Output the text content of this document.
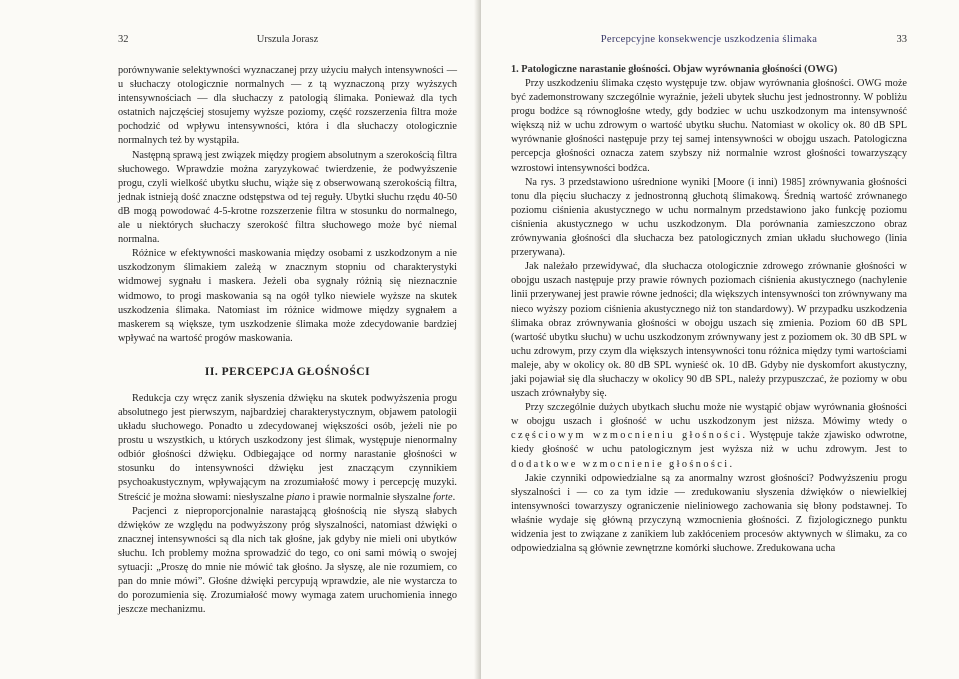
32	Urszula Jorasz

porównywanie selektywności wyznaczanej przy użyciu małych intensywności — u słuchaczy otologicznie normalnych — z tą wyznaczoną przy wyższych intensywnościach — dla słuchaczy z patologią ślimaka. Ponieważ dla tych ostatnich najczęściej stosujemy wyższe poziomy, część rozszerzenia filtra może pochodzić od wpływu intensywności, która i dla słuchaczy otologicznie normalnych też by wystąpiła.

Następną sprawą jest związek między progiem absolutnym a szerokością filtra słuchowego. Wprawdzie można zaryzykować twierdzenie, że podwyższenie progu, czyli wielkość ubytku słuchu, wiąże się z obserwowaną szerokością filtra, jednak istnieją dość znaczne odstępstwa od tej reguły. Ubytki słuchu rzędu 40-50 dB mogą powodować 4-5-krotne rozszerzenie filtra w stosunku do normalnego, ale u niektórych słuchaczy szerokość filtra słuchowego może być niemal normalna.

Różnice w efektywności maskowania między osobami z uszkodzonym a nie uszkodzonym ślimakiem zależą w znacznym stopniu od charakterystyki widmowej sygnału i maskera. Jeżeli oba sygnały różnią się nieznacznie widmowo, to progi maskowania są na ogół tylko niewiele wyższe na skutek uszkodzenia ślimaka. Natomiast im różnice widmowe między sygnałem a maskerem są większe, tym uszkodzenie ślimaka może zdecydowanie bardziej wpływać na wartość progów maskowania.

II. PERCEPCJA GŁOŚNOŚCI

Redukcja czy wręcz zanik słyszenia dźwięku na skutek podwyższenia progu absolutnego jest pierwszym, najbardziej charakterystycznym, objawem patologii układu słuchowego. Ponadto u zdecydowanej większości osób, jeżeli nie po prostu u wszystkich, u których uszkodzony jest ślimak, występuje nienormalny odbiór głośności dźwięku. Odbiegające od normy narastanie głośności w stosunku do intensywności dźwięku jest znaczącym czynnikiem psychoakustycznym, wpływającym na zrozumiałość mowy i percepcję muzyki. Streścić je można słowami: niesłyszalne piano i prawie normalnie słyszalne forte.

Pacjenci z nieproporcjonalnie narastającą głośnością nie słyszą słabych dźwięków ze względu na podwyższony próg słyszalności, natomiast dźwięki o znacznej intensywności są dla nich tak głośne, jak gdyby nie mieli oni ubytków słuchu. Ich problemy można sprowadzić do tego, co oni sami mówią o swojej sytuacji: „Proszę do mnie nie mówić tak głośno. Ja słyszę, ale nie rozumiem, co pan do mnie mówi”. Głośne dźwięki percypują wprawdzie, ale nie wystarcza to do porozumienia się. Zrozumiałość mowy wymaga zatem uruchomienia innego jeszcze mechanizmu.

Percepcyjne konsekwencje uszkodzenia ślimaka	33
1. Patologiczne narastanie głośności. Objaw wyrównania głośności (OWG)

Przy uszkodzeniu ślimaka często występuje tzw. objaw wyrównania głośności. OWG może być zademonstrowany szczególnie wyraźnie, jeżeli ubytek słuchu jest jednostronny. W pobliżu progu bodźce są równogłośne wtedy, gdy bodziec w uchu uszkodzonym ma intensywność większą niż w uchu zdrowym o wartość ubytku słuchu. Natomiast w okolicy ok. 80 dB SPL wyrównanie głośności następuje przy tej samej intensywności w obojgu uszach. Patologiczna percepcja głośności oznacza zatem szybszy niż normalnie wzrost głośności towarzyszący wzrostowi intensywności bodźca.

Na rys. 3 przedstawiono uśrednione wyniki [Moore (i inni) 1985] zrównywania głośności tonu dla pięciu słuchaczy z jednostronną głuchotą ślimakową. Średnią wartość zrównanego poziomu ciśnienia akustycznego w uchu normalnym przedstawiono jako funkcję poziomu ciśnienia akustycznego w uchu uszkodzonym. Dla porównania zamieszczono obraz zrównywania głośności dla słuchacza bez patologicznych zmian układu słuchowego (linia przerywana).

Jak należało przewidywać, dla słuchacza otologicznie zdrowego zrównanie głośności w obojgu uszach następuje przy prawie równych poziomach ciśnienia akustycznego (nachylenie linii przerywanej jest prawie równe jedności; dla większych intensywności ton zrównywany ma nieco wyższy poziom ciśnienia akustycznego niż ton standardowy). W przypadku uszkodzenia ślimaka obraz zrównywania głośności w obojgu uszach się zmienia. Poziom 60 dB SPL (wartość ubytku słuchu) w uchu uszkodzonym zrównywany jest z poziomem ok. 30 dB SPL w uchu zdrowym, przy czym dla większych intensywności tonu różnica między tymi wartościami maleje, aby w okolicy ok. 80 dB SPL wynieść ok. 10 dB. Gdyby nie dyskomfort akustyczny, jaki pojawiał się dla słuchaczy w okolicy 90 dB SPL, należy przypuszczać, że poziomy w obu uszach zrównałyby się.

Przy szczególnie dużych ubytkach słuchu może nie wystąpić objaw wyrównania głośności w obojgu uszach i głośność w uchu uszkodzonym jest niższa. Mówimy wtedy o częściowym wzmocnieniu głośności. Występuje także zjawisko odwrotne, kiedy głośność w uchu patologicznym jest wyższa niż w uchu zdrowym. Jest to dodatkowe wzmocnienie głośności.

Jakie czynniki odpowiedzialne są za anormalny wzrost głośności? Podwyższeniu progu słyszalności i — co za tym idzie — zredukowaniu słyszenia dźwięków o niewielkiej intensywności towarzyszy ograniczenie nieliniowego zachowania się błony podstawnej. To właśnie wydaje się główną przyczyną wzmocnienia głośności. Z fizjologicznego punktu widzenia jest to związane z zanikiem lub zakłóceniem procesów aktywnych w ślimaku, za co odpowiedzialna są głównie zewnętrzne komórki słuchowe. Zredukowana ucha
